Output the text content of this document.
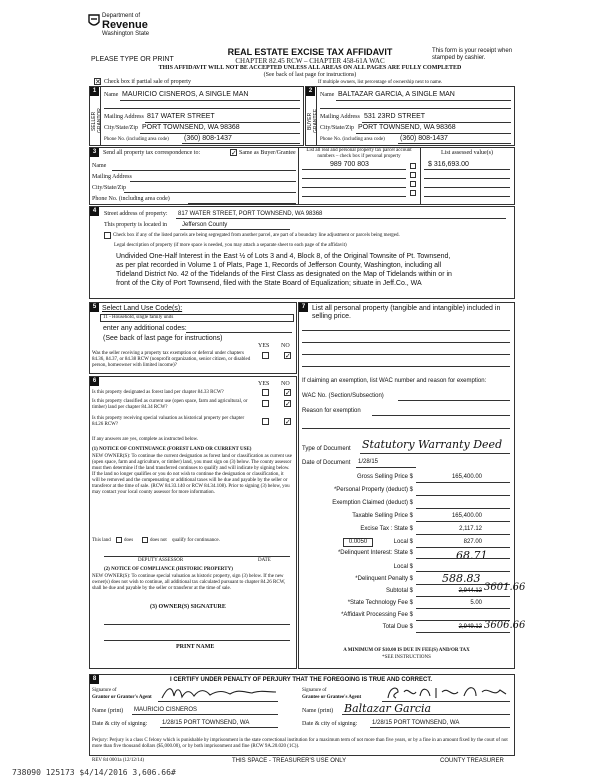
Department of
Revenue
Washington State
PLEASE TYPE OR PRINT
REAL ESTATE EXCISE TAX AFFIDAVIT
CHAPTER 82.45 RCW – CHAPTER 458-61A WAC
THIS AFFIDAVIT WILL NOT BE ACCEPTED UNLESS ALL AREAS ON ALL PAGES ARE FULLY COMPLETED
(See back of last page for instructions)
This form is your receipt when stamped by cashier.
✕ Check box if partial sale of property	If multiple owners, list percentage of ownership next to name.
1	2
SELLER GRANTOR	BUYER GRANTEE
Name MAURICIO CISNEROS, A SINGLE MAN
Mailing Address 817 WATER STREET
City/State/Zip PORT TOWNSEND, WA 98368
Phone No. (including area code) (360) 808-1437
Name BALTAZAR GARCIA, A SINGLE MAN
Mailing Address 531 23RD STREET
City/State/Zip PORT TOWNSEND, WA 98368
Phone No. (including area code) (360) 808-1437
3	Send all property tax correspondence to:	✓ Same as Buyer/Grantee	List all real and personal property tax parcel account numbers – check box if personal property
List assessed value(s)
Name
Mailing Address
City/State/Zip
Phone No. (including area code)
989 700 803	$ 316,693.00
4	Street address of property: 817 WATER STREET, PORT TOWNSEND, WA 98368
This property is located in	Jefferson County
Check box if any of the listed parcels are being segregated from another parcel, are part of a boundary line adjustment or parcels being merged.
Legal description of property (if more space is needed, you may attach a separate sheet to each page of the affidavit)
Undivided One-Half Interest in the East ½ of Lots 3 and 4, Block 8, of the Original Townsite of Pt. Townsend,
as per plat recorded in Volume 1 of Plats, Page 1, Records of Jefferson County, Washington, including all
Tideland District No. 42 of the Tidelands of the First Class as designated on the Map of Tidelands within or in
front of the City of Port Townsend, filed with the State Board of Equalization; situate in Jeff.Co., WA
5 Select Land Use Code(s):
11 - Household, single family units
enter any additional codes:
(See back of last page for instructions)
YES NO
Was the seller receiving a property tax exemption or deferral under chapters 84.36, 84.37, or 84.38 RCW (nonprofit organization, senior citizen, or disabled person, homeowner with limited income)?
✓
6	YES NO
Is this property designated as forest land per chapter 84.33 RCW?	✓
Is this property classified as current use (open space, farm and agricultural, or timber) land per chapter 84.34 RCW?	✓
Is this property receiving special valuation as historical property per chapter 84.26 RCW?	✓
If any answers are yes, complete as instructed below.
(1) NOTICE OF CONTINUANCE (FOREST LAND OR CURRENT USE)
NEW OWNER(S): To continue the current designation as forest land or classification as current use (open space, farm and agriculture, or timber) land, you must sign on (3) below. The county assessor must then determine if the land transferred continues to qualify and will indicate by signing below. If the land no longer qualifies or you do not wish to continue the designation or classification, it will be removed and the compensating or additional taxes will be due and payable by the seller or transferor at the time of sale. (RCW 84.33.140 or RCW 84.34.108). Prior to signing (3) below, you may contact your local county assessor for more information.
This land	does	does not qualify for continuance.
DEPUTY ASSESSOR	DATE
(2) NOTICE OF COMPLIANCE (HISTORIC PROPERTY)
NEW OWNER(S): To continue special valuation as historic property, sign (3) below. If the new owner(s) does not wish to continue, all additional tax calculated pursuant to chapter 84.26 RCW, shall be due and payable by the seller or transferor at the time of sale.
(3) OWNER(S) SIGNATURE
PRINT NAME
7 List all personal property (tangible and intangible) included in selling price.
If claiming an exemption, list WAC number and reason for exemption:
WAC No. (Section/Subsection)
Reason for exemption
Type of Document Statutory Warranty Deed
Date of Document 1/28/15
Gross Selling Price $	165,400.00
*Personal Property (deduct) $
Exemption Claimed (deduct) $
Taxable Selling Price $	165,400.00
Excise Tax : State $	2,117.12
0.0050	Local $	827.00
*Delinquent Interest: State $	68.71
Local $
*Delinquent Penalty $	588.83
Subtotal $	2,944.12 3601.66
*State Technology Fee $	5.00
*Affidavit Processing Fee $
Total Due $	2,949.12 3606.66
A MINIMUM OF $10.00 IS DUE IN FEE(S) AND/OR TAX
*SEE INSTRUCTIONS
8	I CERTIFY UNDER PENALTY OF PERJURY THAT THE FOREGOING IS TRUE AND CORRECT.
Signature of
Grantor or Grantor's Agent
Signature of
Grantee or Grantee's Agent
Name (print) MAURICIO CISNEROS	Name (print) Baltazar Garcia
Date & city of signing: 1/28/15 PORT TOWNSEND, WA	Date & city of signing: 1/28/15 PORT TOWNSEND, WA
Perjury: Perjury is a class C felony which is punishable by imprisonment in the state correctional institution for a maximum term of not more than five years, or by a fine in an amount fixed by the court of not more than five thousand dollars ($5,000.00), or by both imprisonment and fine (RCW 9A.20.020 (1C)).
REV 84 0001a (12/12/14)	THIS SPACE - TREASURER'S USE ONLY	COUNTY TREASURER
738090 125173 $4/14/2016 3,606.66#
